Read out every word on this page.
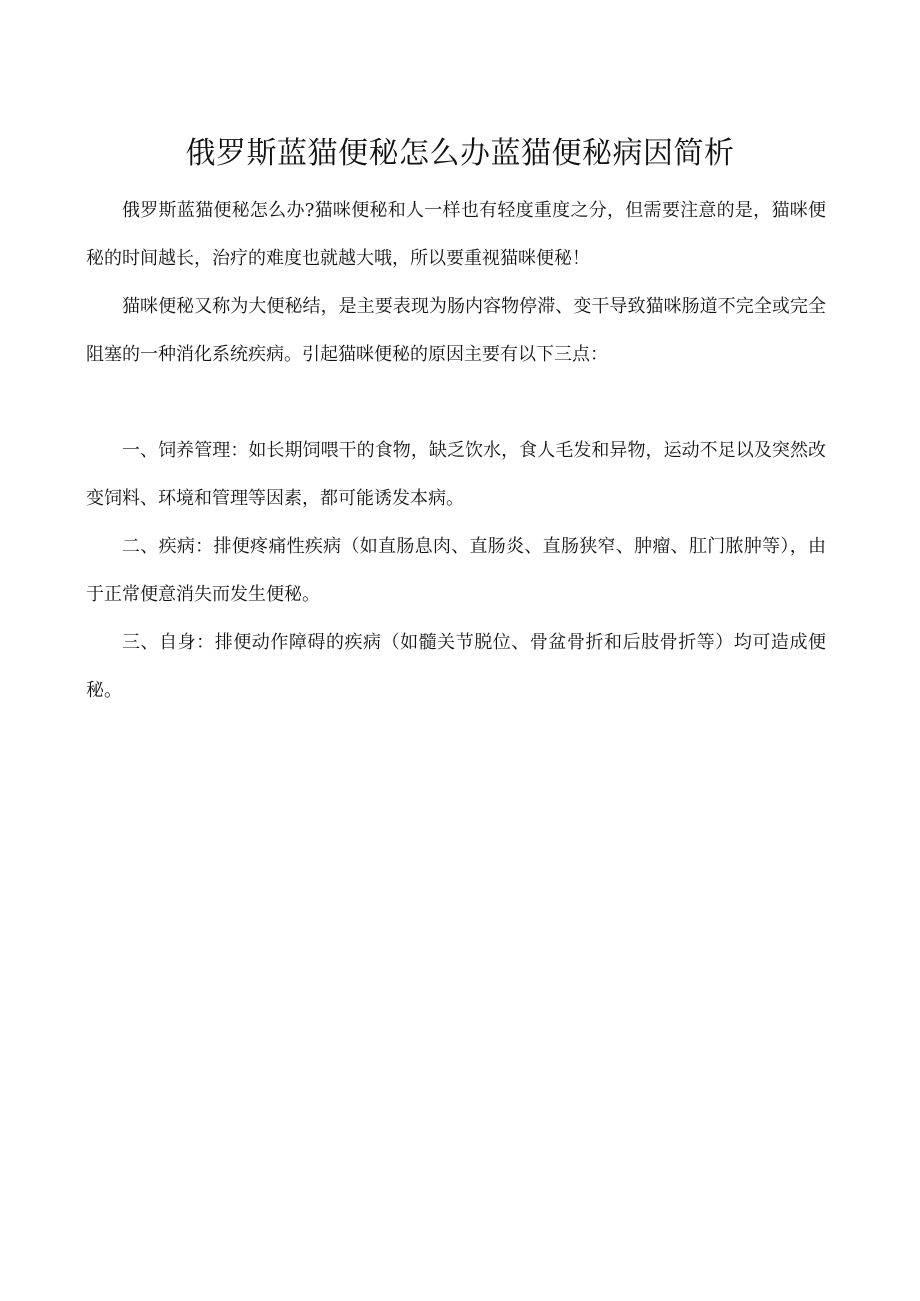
俄罗斯蓝猫便秘怎么办蓝猫便秘病因简析

俄罗斯蓝猫便秘怎么办?猫咪便秘和人一样也有轻度重度之分，但需要注意的是，猫咪便秘的时间越长，治疗的难度也就越大哦，所以要重视猫咪便秘！

猫咪便秘又称为大便秘结，是主要表现为肠内容物停滞、变干导致猫咪肠道不完全或完全阻塞的一种消化系统疾病。引起猫咪便秘的原因主要有以下三点：

一、饲养管理：如长期饲喂干的食物，缺乏饮水，食人毛发和异物，运动不足以及突然改变饲料、环境和管理等因素，都可能诱发本病。

二、疾病：排便疼痛性疾病（如直肠息肉、直肠炎、直肠狭窄、肿瘤、肛门脓肿等），由于正常便意消失而发生便秘。

三、自身：排便动作障碍的疾病（如髓关节脱位、骨盆骨折和后肢骨折等）均可造成便秘。
